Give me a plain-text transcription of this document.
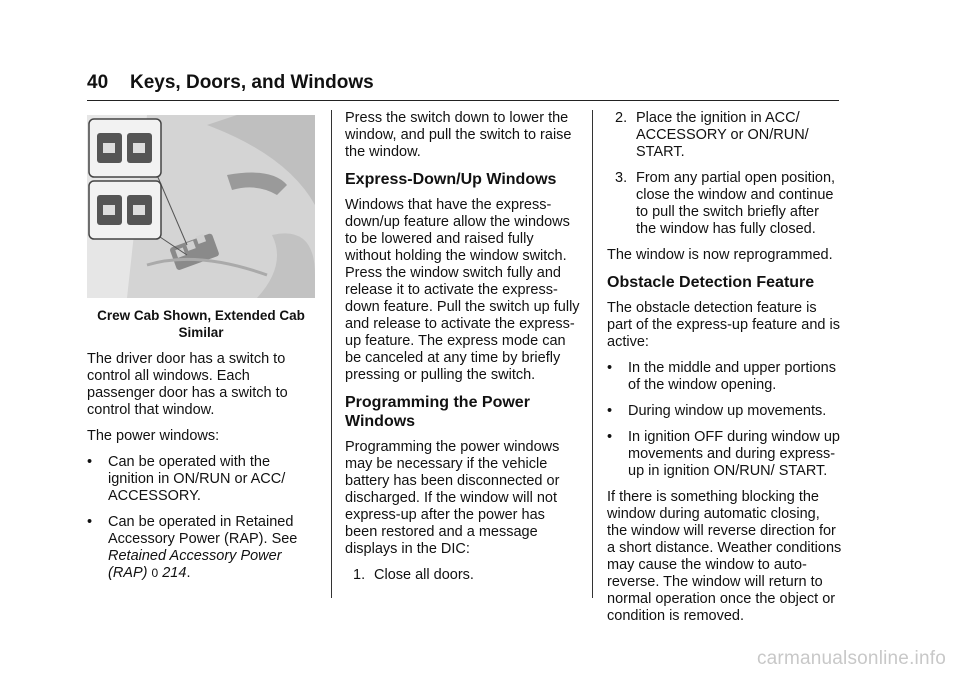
40 Keys, Doors, and Windows
Crew Cab Shown, Extended Cab Similar

The driver door has a switch to control all windows. Each passenger door has a switch to control that window.

The power windows:

• Can be operated with the ignition in ON/RUN or ACC/ ACCESSORY.
• Can be operated in Retained Accessory Power (RAP). See Retained Accessory Power (RAP) 0 214.

Press the switch down to lower the window, and pull the switch to raise the window.

Express-Down/Up Windows

Windows that have the express-down/up feature allow the windows to be lowered and raised fully without holding the window switch. Press the window switch fully and release it to activate the express-down feature. Pull the switch up fully and release to activate the express-up feature. The express mode can be canceled at any time by briefly pressing or pulling the switch.

Programming the Power Windows

Programming the power windows may be necessary if the vehicle battery has been disconnected or discharged. If the window will not express-up after the power has been restored and a message displays in the DIC:

1. Close all doors.
2. Place the ignition in ACC/ ACCESSORY or ON/RUN/ START.
3. From any partial open position, close the window and continue to pull the switch briefly after the window has fully closed.

The window is now reprogrammed.

Obstacle Detection Feature

The obstacle detection feature is part of the express-up feature and is active:

• In the middle and upper portions of the window opening.
• During window up movements.
• In ignition OFF during window up movements and during express-up in ignition ON/RUN/ START.

If there is something blocking the window during automatic closing, the window will reverse direction for a short distance. Weather conditions may cause the window to auto-reverse. The window will return to normal operation once the object or condition is removed.

carmanualsonline.info
